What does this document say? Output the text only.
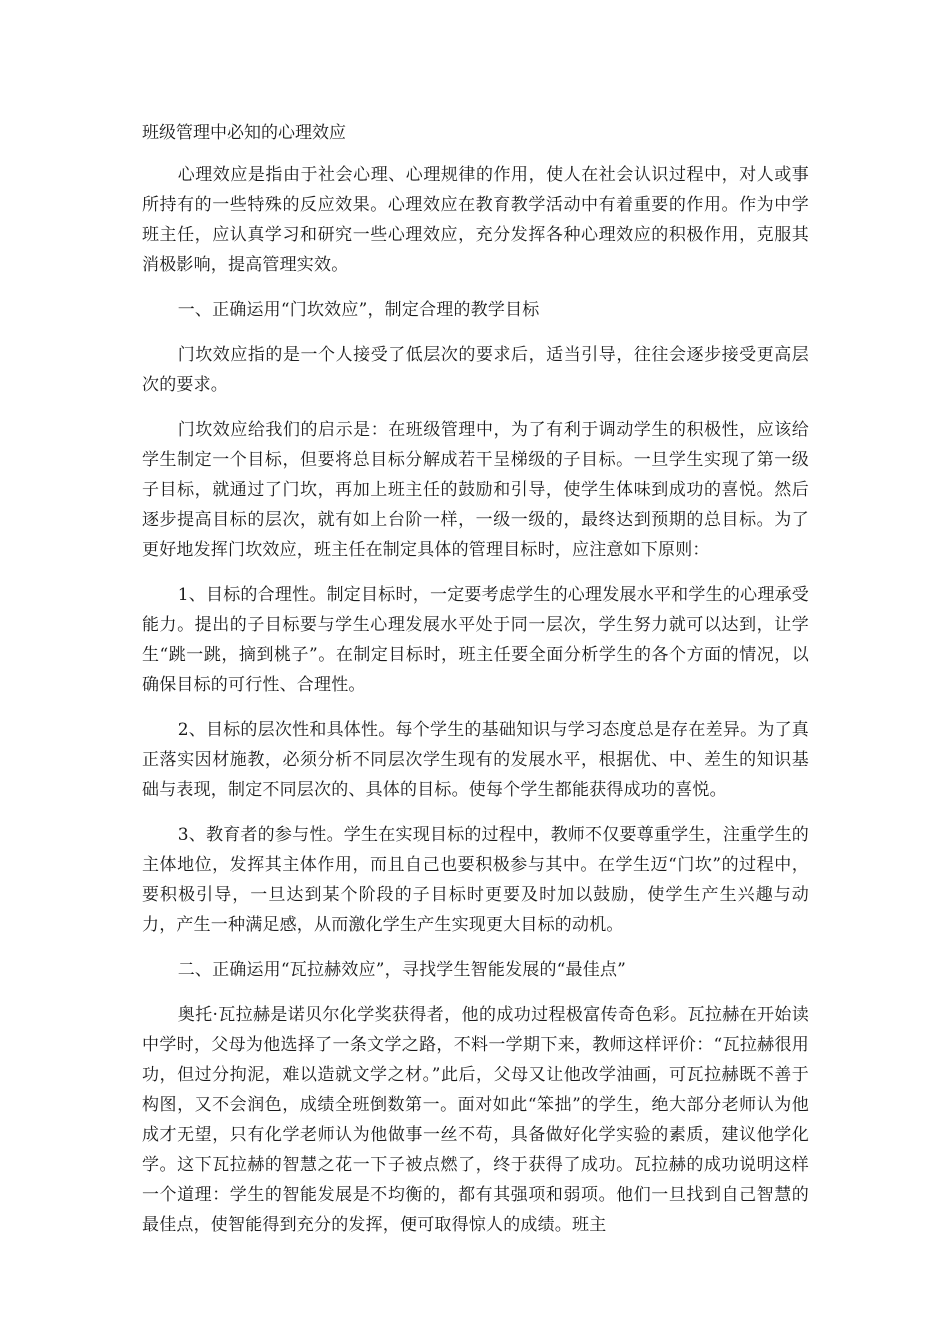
班级管理中必知的心理效应

心理效应是指由于社会心理、心理规律的作用，使人在社会认识过程中，对人或事所持有的一些特殊的反应效果。心理效应在教育教学活动中有着重要的作用。作为中学班主任，应认真学习和研究一些心理效应，充分发挥各种心理效应的积极作用，克服其消极影响，提高管理实效。

一、正确运用“门坎效应”，制定合理的教学目标

门坎效应指的是一个人接受了低层次的要求后，适当引导，往往会逐步接受更高层次的要求。

门坎效应给我们的启示是：在班级管理中，为了有利于调动学生的积极性，应该给学生制定一个目标，但要将总目标分解成若干呈梯级的子目标。一旦学生实现了第一级子目标，就通过了门坎，再加上班主任的鼓励和引导，使学生体味到成功的喜悦。然后逐步提高目标的层次，就有如上台阶一样，一级一级的，最终达到预期的总目标。为了更好地发挥门坎效应，班主任在制定具体的管理目标时，应注意如下原则：

1、目标的合理性。制定目标时，一定要考虑学生的心理发展水平和学生的心理承受能力。提出的子目标要与学生心理发展水平处于同一层次，学生努力就可以达到，让学生“跳一跳，摘到桃子”。在制定目标时，班主任要全面分析学生的各个方面的情况，以确保目标的可行性、合理性。

2、目标的层次性和具体性。每个学生的基础知识与学习态度总是存在差异。为了真正落实因材施教，必须分析不同层次学生现有的发展水平，根据优、中、差生的知识基础与表现，制定不同层次的、具体的目标。使每个学生都能获得成功的喜悦。

3、教育者的参与性。学生在实现目标的过程中，教师不仅要尊重学生，注重学生的主体地位，发挥其主体作用，而且自己也要积极参与其中。在学生迈“门坎”的过程中，要积极引导，一旦达到某个阶段的子目标时更要及时加以鼓励，使学生产生兴趣与动力，产生一种满足感，从而激化学生产生实现更大目标的动机。

二、正确运用“瓦拉赫效应”，寻找学生智能发展的“最佳点”

奥托·瓦拉赫是诺贝尔化学奖获得者，他的成功过程极富传奇色彩。瓦拉赫在开始读中学时，父母为他选择了一条文学之路，不料一学期下来，教师这样评价：“瓦拉赫很用功，但过分拘泥，难以造就文学之材。”此后，父母又让他改学油画，可瓦拉赫既不善于构图，又不会润色，成绩全班倒数第一。面对如此“笨拙”的学生，绝大部分老师认为他成才无望，只有化学老师认为他做事一丝不苟，具备做好化学实验的素质，建议他学化学。这下瓦拉赫的智慧之花一下子被点燃了，终于获得了成功。瓦拉赫的成功说明这样一个道理：学生的智能发展是不均衡的，都有其强项和弱项。他们一旦找到自己智慧的最佳点，使智能得到充分的发挥，便可取得惊人的成绩。班主
